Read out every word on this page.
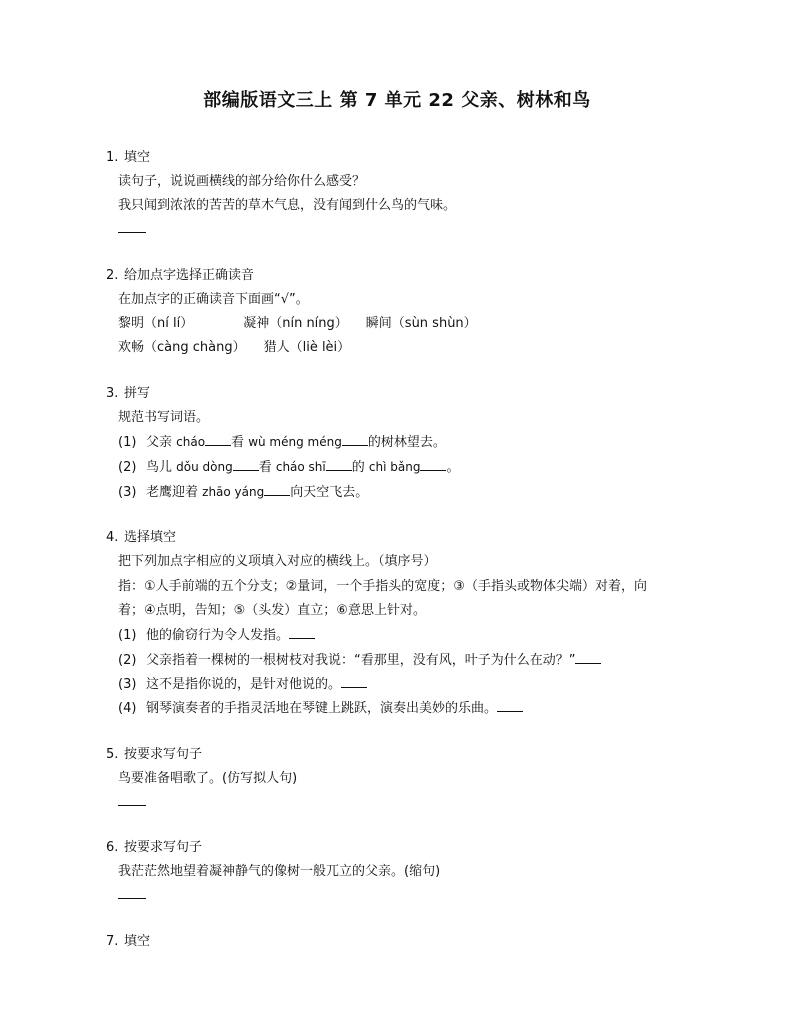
部编版语文三上 第 7 单元 22 父亲、树林和鸟
1. 填空
读句子，说说画横线的部分给你什么感受？
我只闻到浓浓的苦苦的草木气息，没有闻到什么鸟的气味。
2. 给加点字选择正确读音
在加点字的正确读音下面画“√”。
黎明（ní lí）	凝神（nín níng） 瞬间（sùn shùn）
欢畅（càng chàng） 猎人（liè lèi）
3. 拼写
规范书写词语。
(1) 父亲 cháo 看 wù méng méng 的树林望去。
(2) 鸟儿 dǒu dòng 看 cháo shī 的 chì bǎng 。
(3) 老鹰迎着 zhāo yáng 向天空飞去。
4. 选择填空
把下列加点字相应的义项填入对应的横线上。（填序号）
指：①人手前端的五个分支；②量词，一个手指头的宽度；③（手指头或物体尖端）对着，向
着；④点明，告知；⑤（头发）直立；⑥意思上针对。
(1) 他的偷窃行为令人发指。
(2) 父亲指着一棵树的一根树枝对我说：“看那里，没有风，叶子为什么在动？”
(3) 这不是指你说的，是针对他说的。
(4) 钢琴演奏者的手指灵活地在琴键上跳跃，演奏出美妙的乐曲。
5. 按要求写句子
鸟要准备唱歌了。(仿写拟人句)
6. 按要求写句子
我茫茫然地望着凝神静气的像树一般兀立的父亲。(缩句)
7. 填空
